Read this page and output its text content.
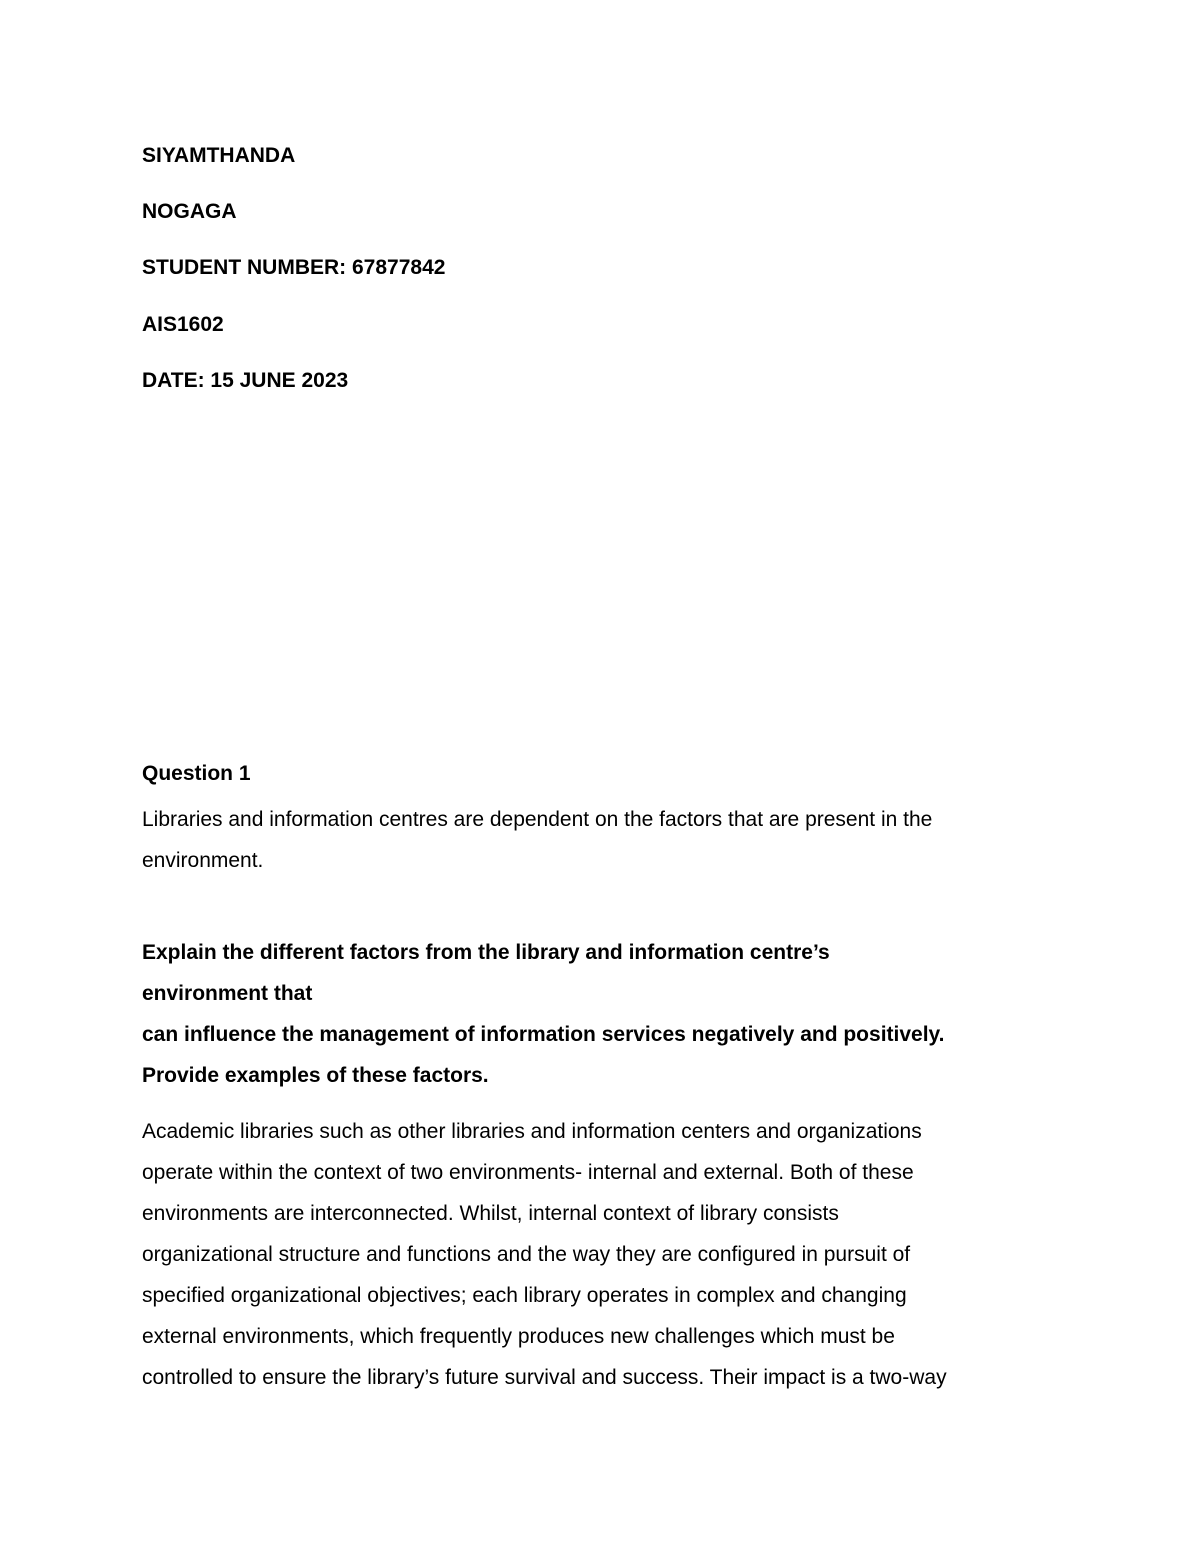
SIYAMTHANDA
NOGAGA
STUDENT NUMBER: 67877842
AIS1602
DATE: 15 JUNE 2023
Question 1
Libraries and information centres are dependent on the factors that are present in the
environment.
Explain the different factors from the library and information centre’s
environment that
can influence the management of information services negatively and positively.
Provide examples of these factors.
Academic libraries such as other libraries and information centers and organizations
operate within the context of two environments- internal and external. Both of these
environments are interconnected. Whilst, internal context of library consists
organizational structure and functions and the way they are configured in pursuit of
specified organizational objectives; each library operates in complex and changing
external environments, which frequently produces new challenges which must be
controlled to ensure the library’s future survival and success. Their impact is a two-way
